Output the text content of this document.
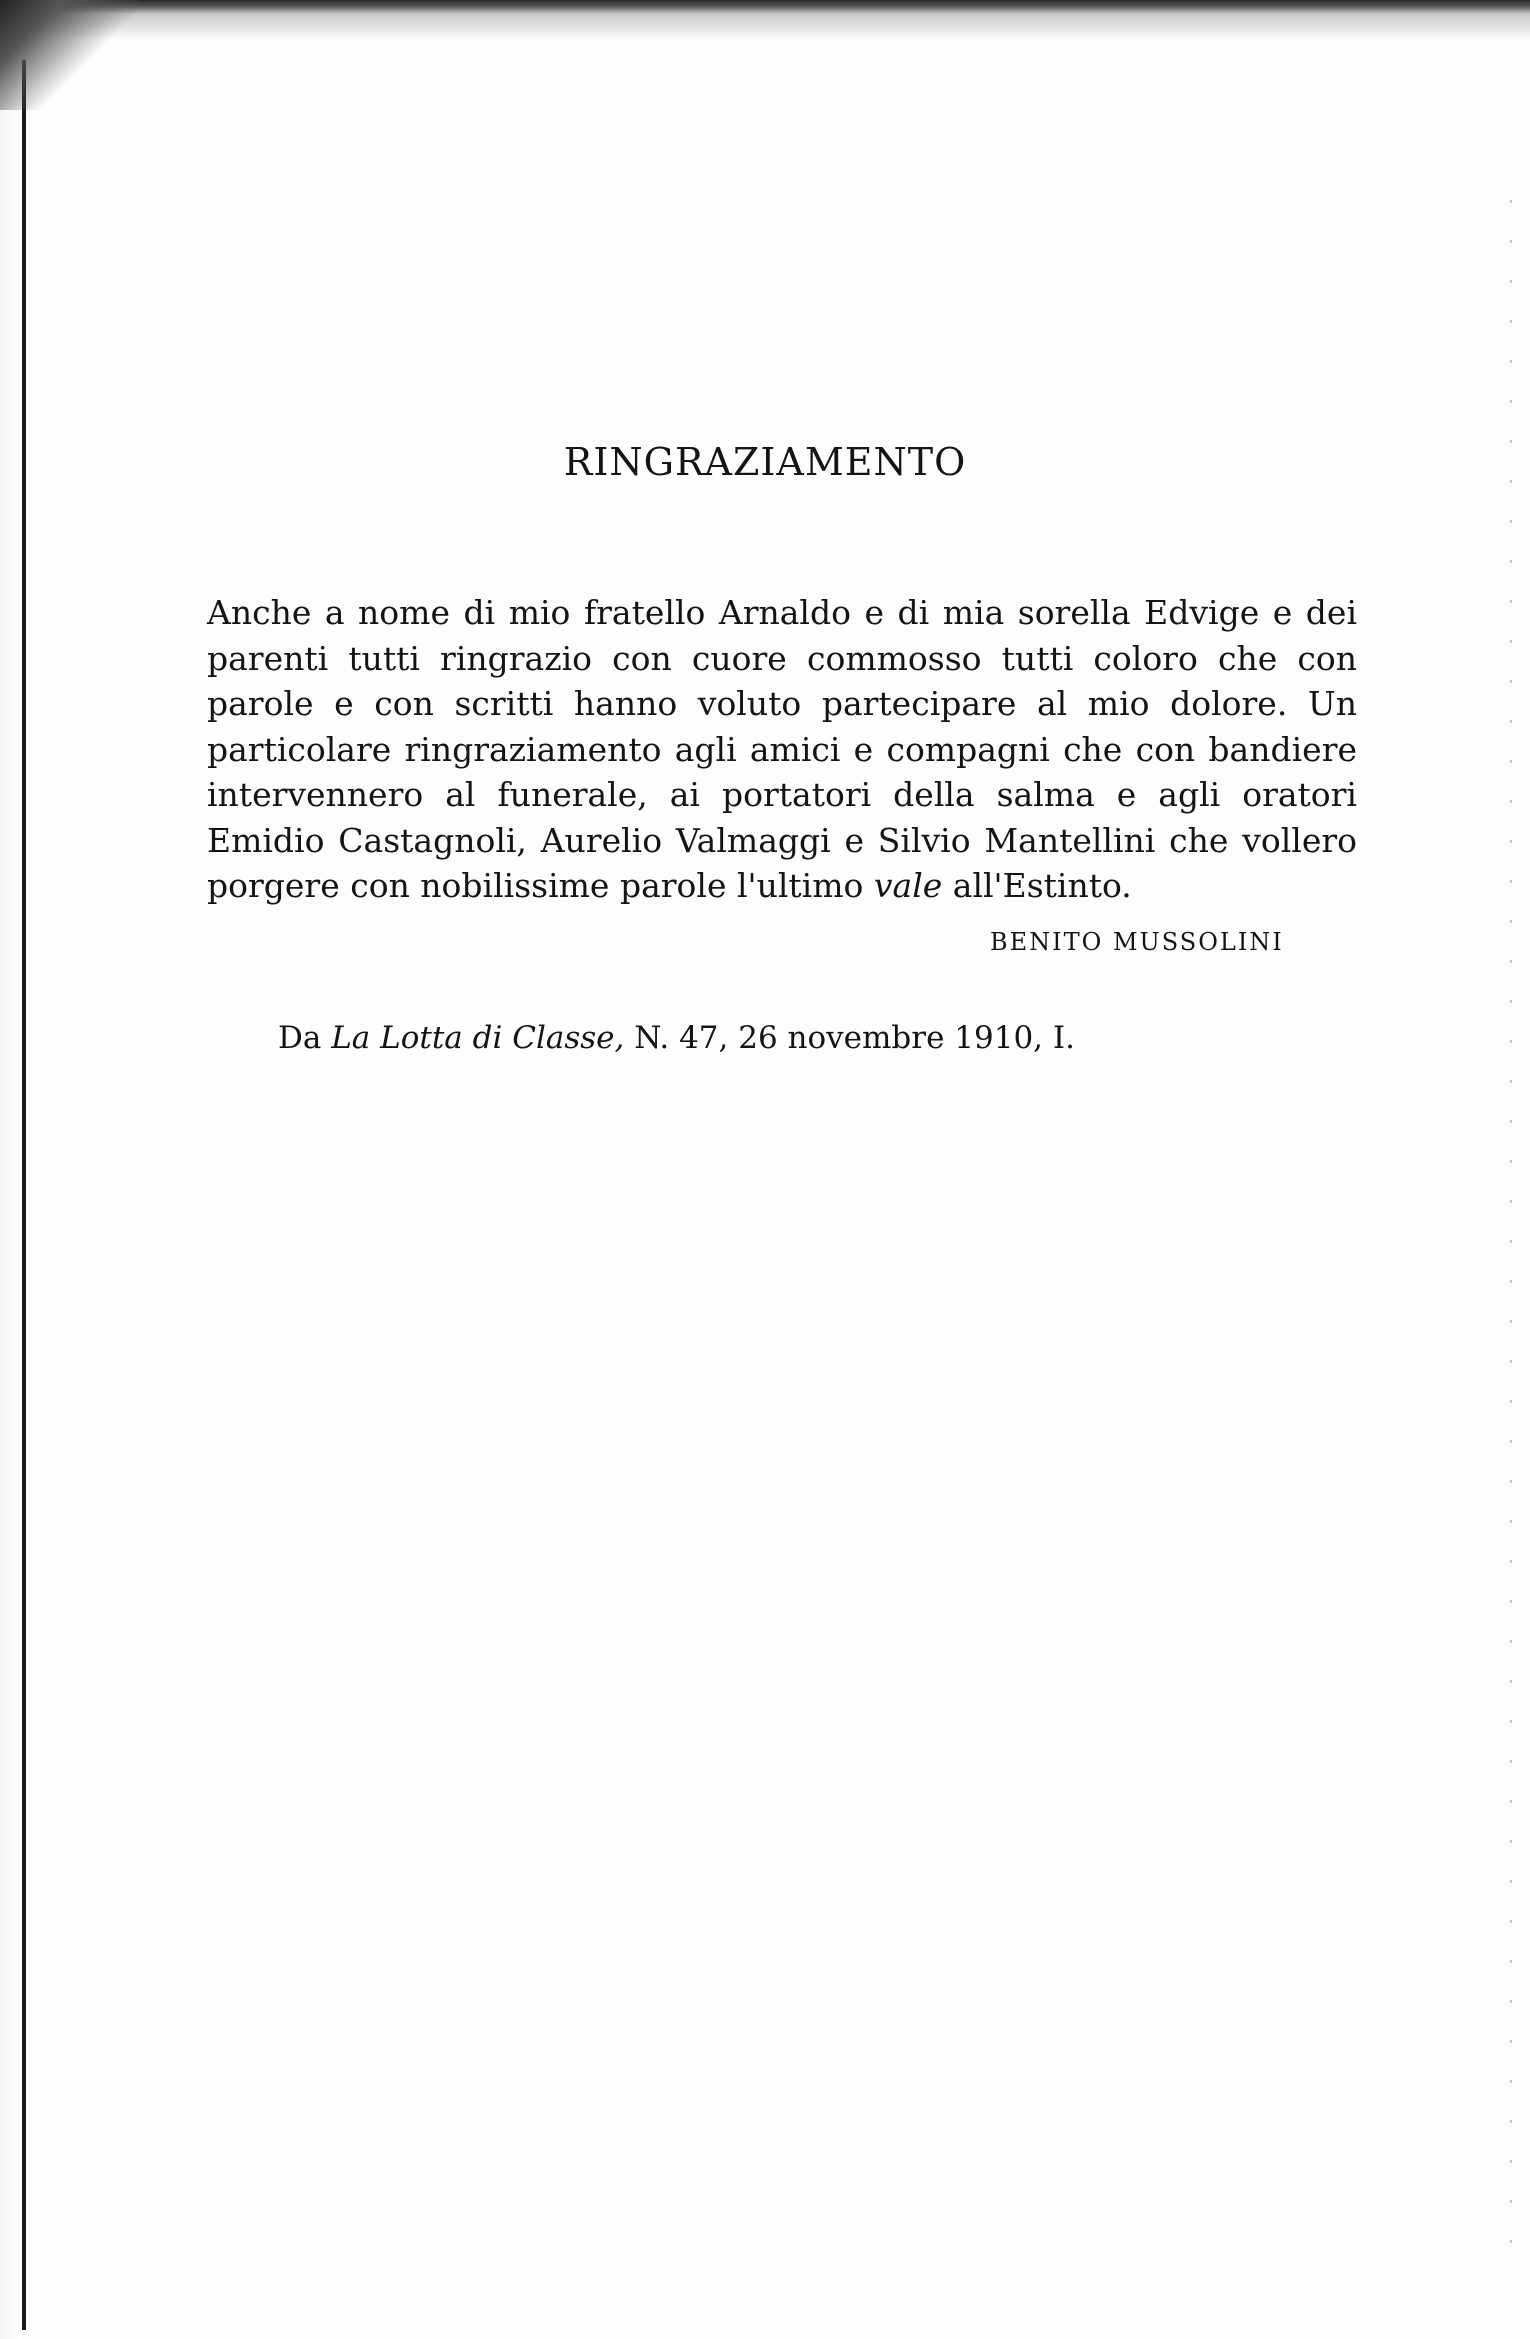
RINGRAZIAMENTO

Anche a nome di mio fratello Arnaldo e di mia sorella Edvige e dei parenti tutti ringrazio con cuore commosso tutti coloro che con parole e con scritti hanno voluto partecipare al mio dolore. Un particolare ringraziamento agli amici e compagni che con bandiere intervennero al funerale, ai portatori della salma e agli oratori Emidio Castagnoli, Aurelio Valmaggi e Silvio Mantellini che vollero porgere con nobilissime parole l'ultimo vale all'Estinto.

BENITO MUSSOLINI

Da La Lotta di Classe, N. 47, 26 novembre 1910, I.
